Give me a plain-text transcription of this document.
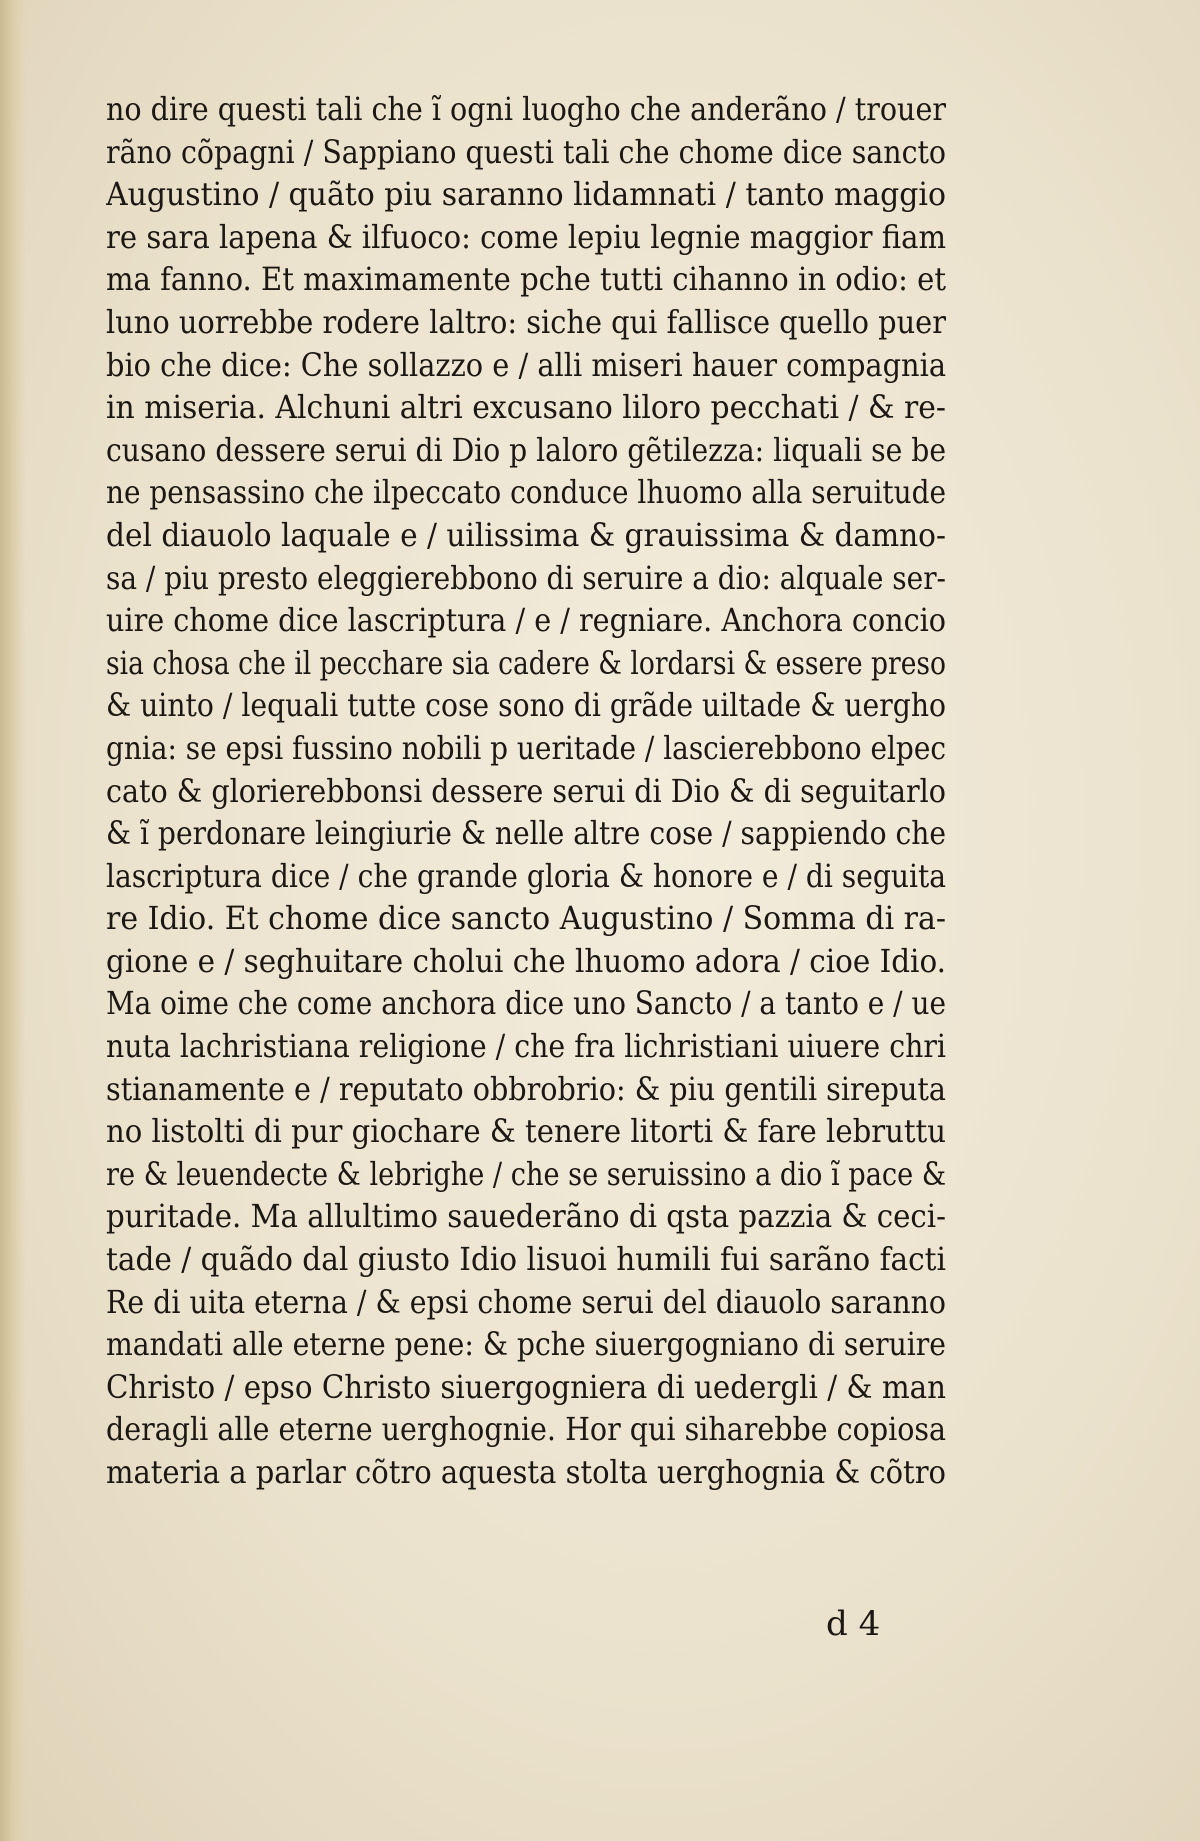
no dire questi tali che ĩ ogni luogho che anderãno / trouer
rãno cõpagni / Sappiano questi tali che chome dice sancto
Augustino / quãto piu saranno lidamnati / tanto maggio
re sara lapena & ilfuoco: come lepiu legnie maggior fiam
ma fanno. Et maximamente pche tutti cihanno in odio: et
luno uorrebbe rodere laltro: siche qui fallisce quello puer
bio che dice: Che sollazzo e / alli miseri hauer compagnia
in miseria. Alchuni altri excusano liloro pecchati / & re-
cusano dessere serui di Dio p laloro gẽtilezza: liquali se be
ne pensassino che ilpeccato conduce lhuomo alla seruitude
del diauolo laquale e / uilissima & grauissima & damno-
sa / piu presto eleggierebbono di seruire a dio: alquale ser-
uire chome dice lascriptura / e / regniare. Anchora concio
sia chosa che il pecchare sia cadere & lordarsi & essere preso
& uinto / lequali tutte cose sono di grãde uiltade & uergho
gnia: se epsi fussino nobili p ueritade / lascierebbono elpec
cato & glorierebbonsi dessere serui di Dio & di seguitarlo
& ĩ perdonare leingiurie & nelle altre cose / sappiendo che
lascriptura dice / che grande gloria & honore e / di seguita
re Idio. Et chome dice sancto Augustino / Somma di ra-
gione e / seghuitare cholui che lhuomo adora / cioe Idio.
Ma oime che come anchora dice uno Sancto / a tanto e / ue
nuta lachristiana religione / che fra lichristiani uiuere chri
stianamente e / reputato obbrobrio: & piu gentili sireputa
no listolti di pur giochare & tenere litorti & fare lebruttu
re & leuendecte & lebrighe / che se seruissino a dio ĩ pace &
puritade. Ma allultimo sauederãno di qsta pazzia & ceci-
tade / quãdo dal giusto Idio lisuoi humili fui sarãno facti
Re di uita eterna / & epsi chome serui del diauolo saranno
mandati alle eterne pene: & pche siuergogniano di seruire
Christo / epso Christo siuergogniera di uedergli / & man
deragli alle eterne uerghognie. Hor qui siharebbe copiosa
materia a parlar cõtro aquesta stolta uerghognia & cõtro
d 4
